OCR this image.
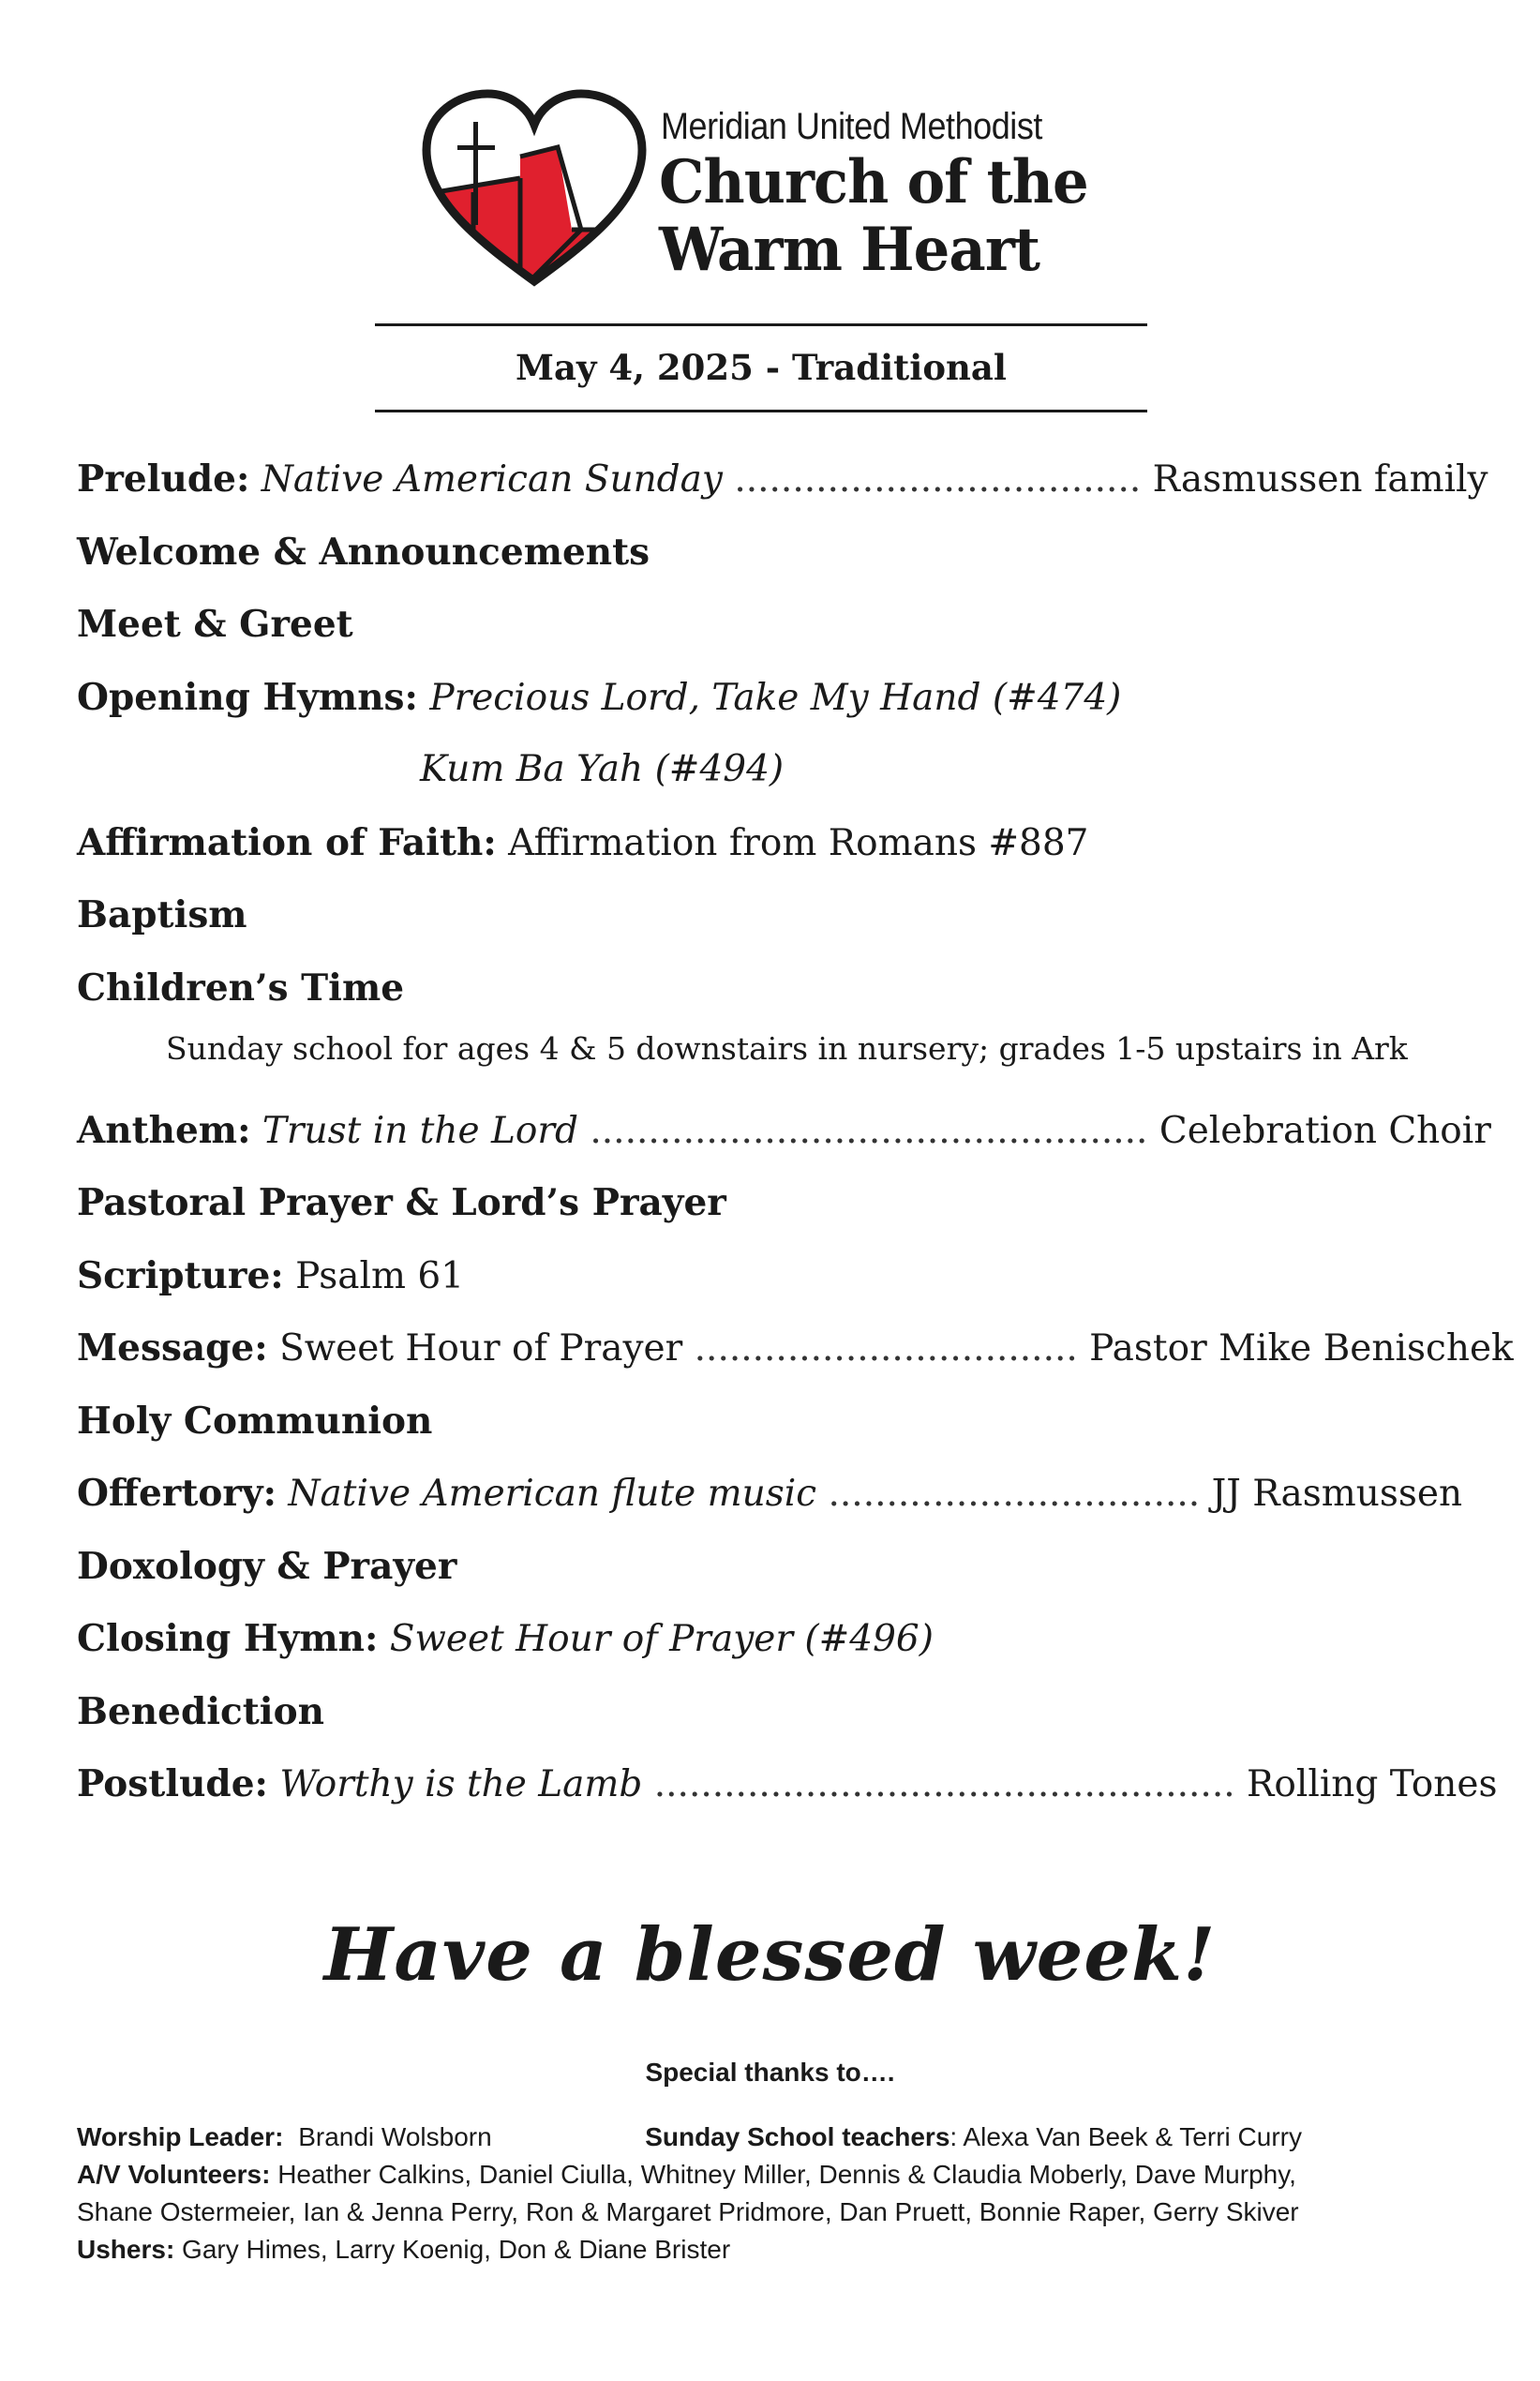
Meridian United Methodist
Church of the
Warm Heart
May 4, 2025 - Traditional
Prelude: Native American Sunday ................................... Rasmussen family
Welcome & Announcements
Meet & Greet
Opening Hymns: Precious Lord, Take My Hand (#474)
Kum Ba Yah (#494)
Affirmation of Faith: Affirmation from Romans #887
Baptism
Children’s Time
Sunday school for ages 4 & 5 downstairs in nursery; grades 1-5 upstairs in Ark
Anthem: Trust in the Lord ................................................ Celebration Choir
Pastoral Prayer & Lord’s Prayer
Scripture: Psalm 61
Message: Sweet Hour of Prayer ................................. Pastor Mike Benischek
Holy Communion
Offertory: Native American flute music ................................ JJ Rasmussen
Doxology & Prayer
Closing Hymn: Sweet Hour of Prayer (#496)
Benediction
Postlude: Worthy is the Lamb .................................................. Rolling Tones
Have a blessed week!
Special thanks to….
Worship Leader: Brandi Wolsborn	Sunday School teachers: Alexa Van Beek & Terri Curry
A/V Volunteers: Heather Calkins, Daniel Ciulla, Whitney Miller, Dennis & Claudia Moberly, Dave Murphy,
Shane Ostermeier, Ian & Jenna Perry, Ron & Margaret Pridmore, Dan Pruett, Bonnie Raper, Gerry Skiver
Ushers: Gary Himes, Larry Koenig, Don & Diane Brister
